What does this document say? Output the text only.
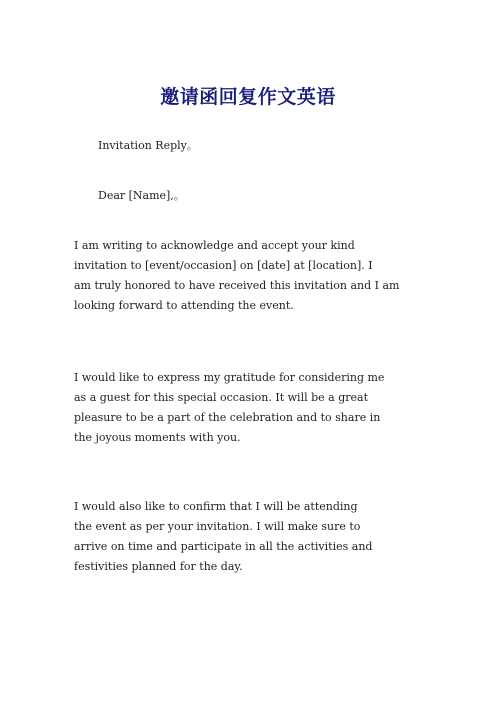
邀请函回复作文英语

Invitation Reply。

Dear [Name],。

I am writing to acknowledge and accept your kind
invitation to [event/occasion] on [date] at [location]. I
am truly honored to have received this invitation and I am
looking forward to attending the event.

I would like to express my gratitude for considering me
as a guest for this special occasion. It will be a great
pleasure to be a part of the celebration and to share in
the joyous moments with you.

I would also like to confirm that I will be attending
the event as per your invitation. I will make sure to
arrive on time and participate in all the activities and
festivities planned for the day.
